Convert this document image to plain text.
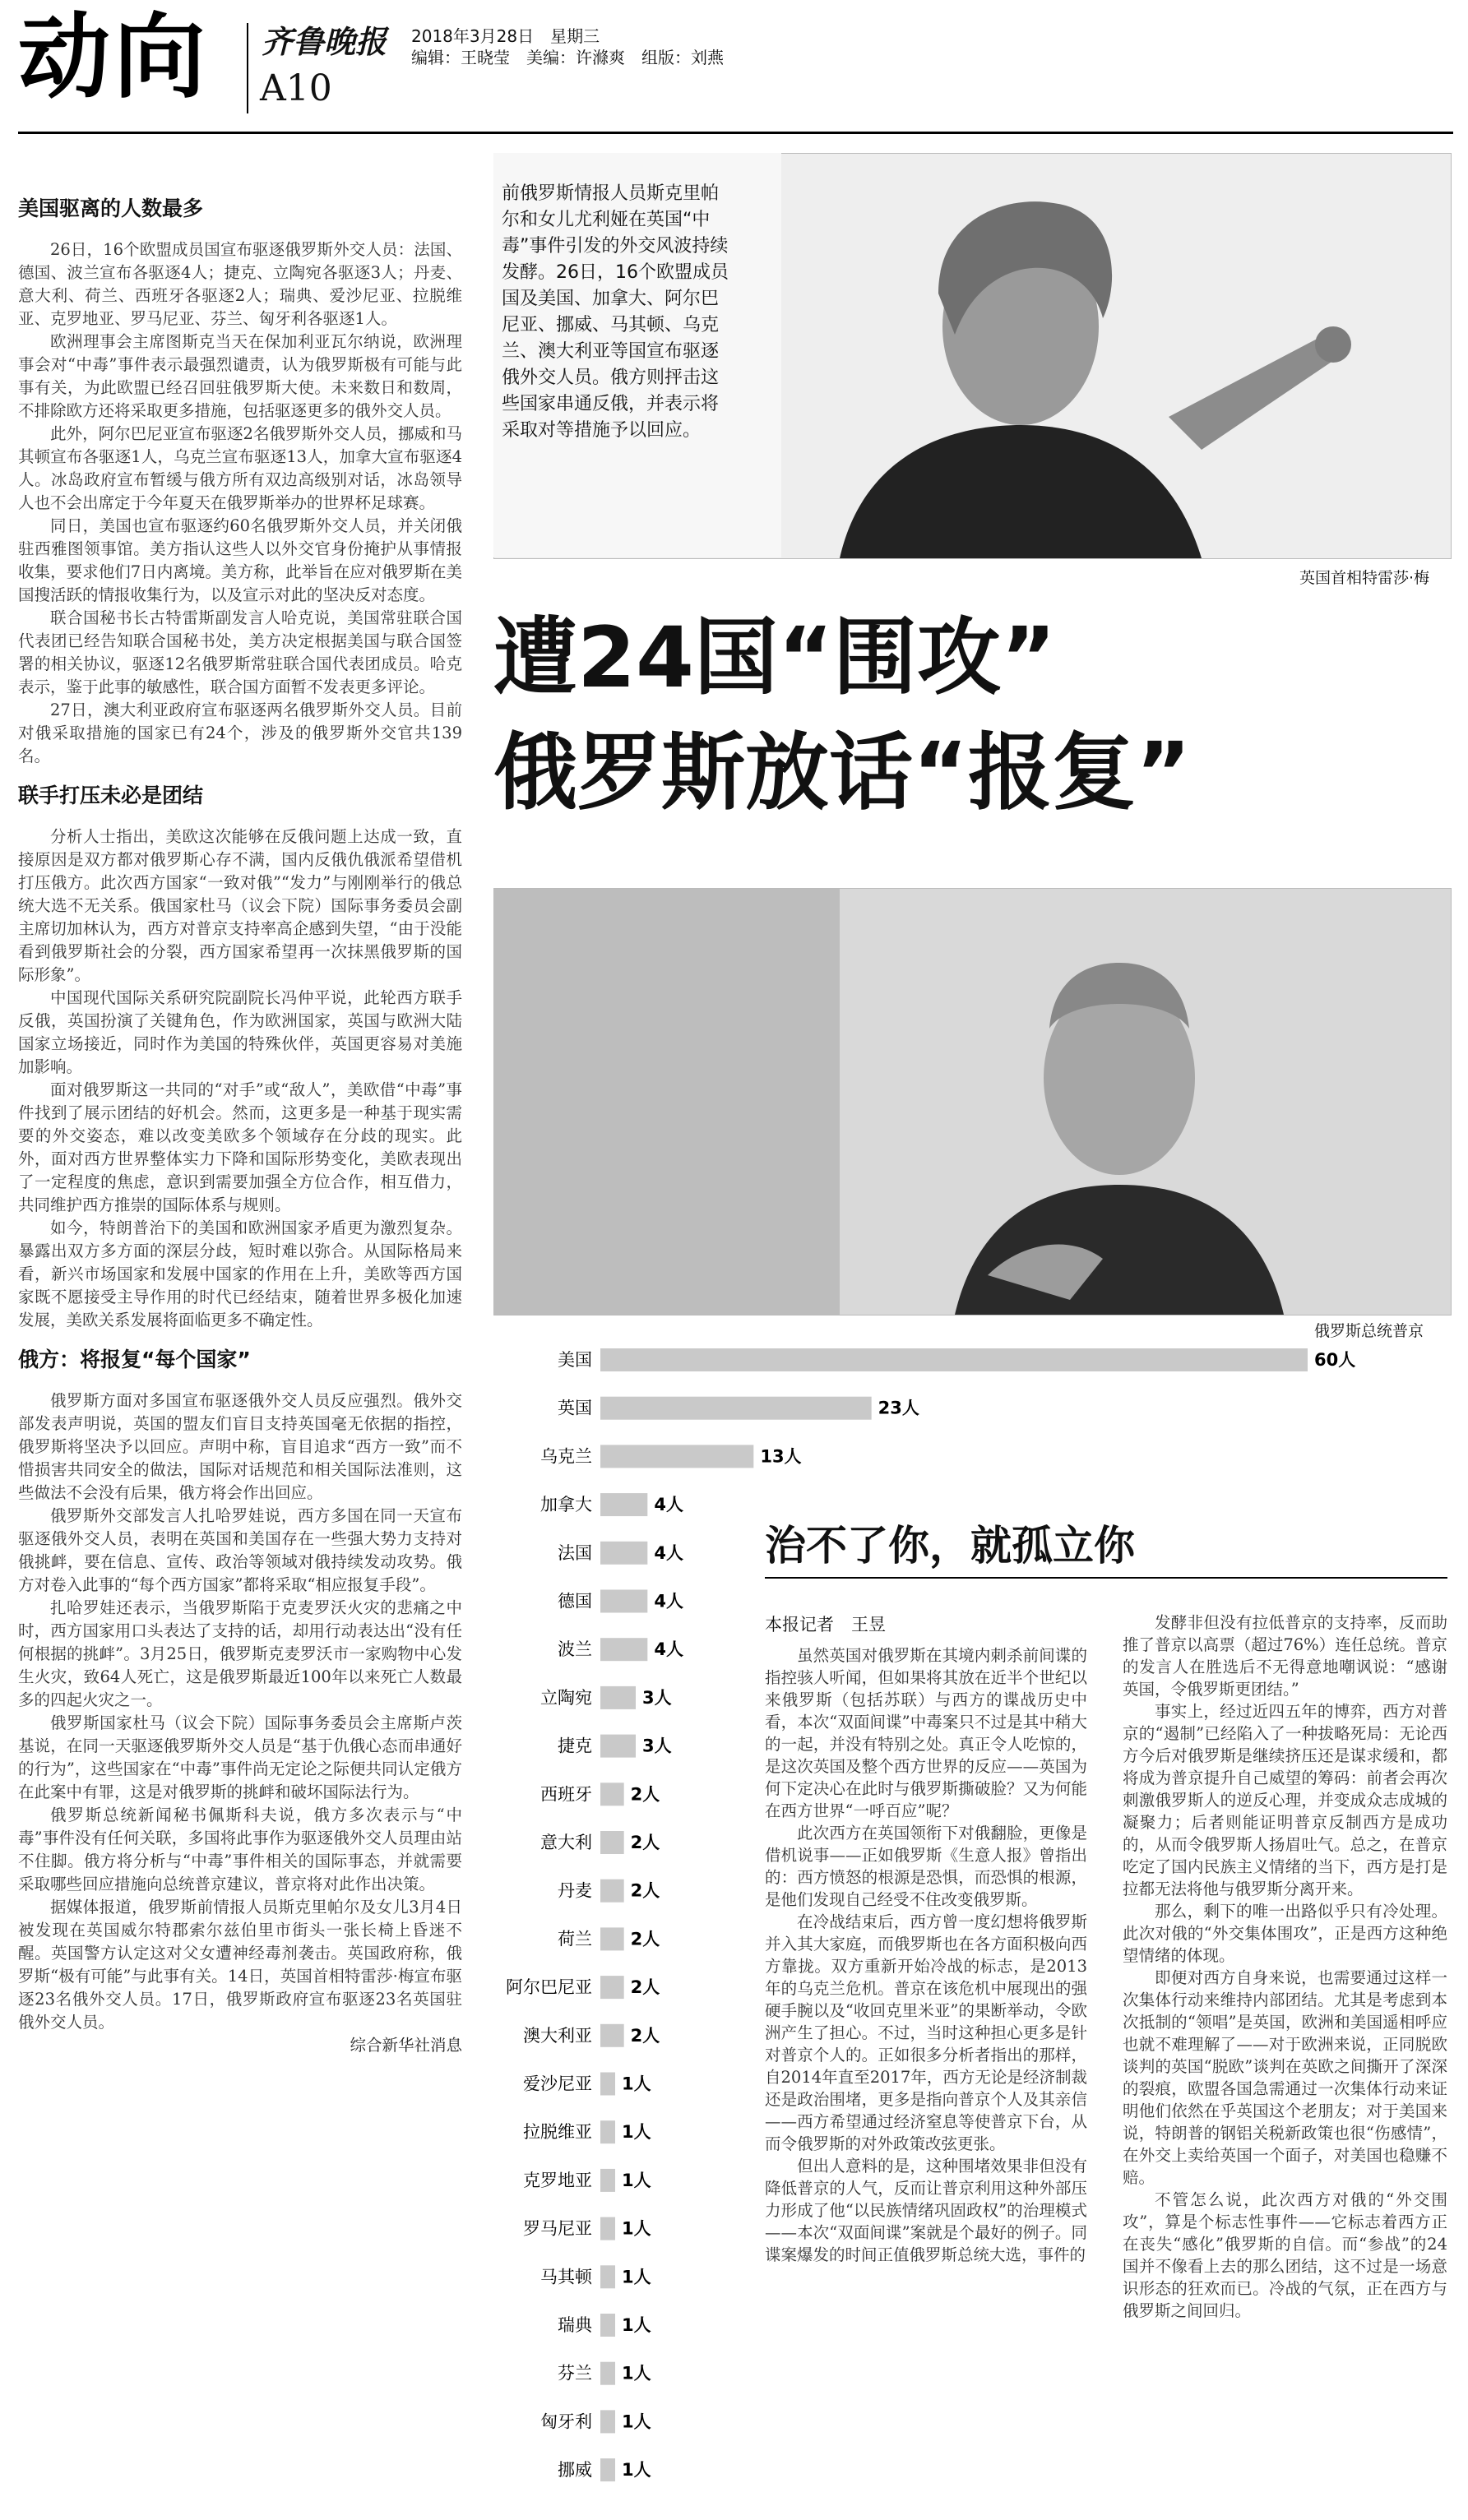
动向 齐鲁晚报
A10
2018年3月28日　星期三
编辑：王晓莹　美编：许滌爽　组版：刘燕
美国驱离的人数最多

26日，16个欧盟成员国宣布驱逐俄罗斯外交人员：法国、德国、波兰宣布各驱逐4人；捷克、立陶宛各驱逐3人；丹麦、意大利、荷兰、西班牙各驱逐2人；瑞典、爱沙尼亚、拉脱维亚、克罗地亚、罗马尼亚、芬兰、匈牙利各驱逐1人。

欧洲理事会主席图斯克当天在保加利亚瓦尔纳说，欧洲理事会对“中毒”事件表示最强烈谴责，认为俄罗斯极有可能与此事有关，为此欧盟已经召回驻俄罗斯大使。未来数日和数周，不排除欧方还将采取更多措施，包括驱逐更多的俄外交人员。

此外，阿尔巴尼亚宣布驱逐2名俄罗斯外交人员，挪威和马其顿宣布各驱逐1人，乌克兰宣布驱逐13人，加拿大宣布驱逐4人。冰岛政府宣布暂缓与俄方所有双边高级别对话，冰岛领导人也不会出席定于今年夏天在俄罗斯举办的世界杯足球赛。

同日，美国也宣布驱逐约60名俄罗斯外交人员，并关闭俄驻西雅图领事馆。美方指认这些人以外交官身份掩护从事情报收集，要求他们7日内离境。美方称，此举旨在应对俄罗斯在美国搜活跃的情报收集行为，以及宣示对此的坚决反对态度。

联合国秘书长古特雷斯副发言人哈克说，美国常驻联合国代表团已经告知联合国秘书处，美方决定根据美国与联合国签署的相关协议，驱逐12名俄罗斯常驻联合国代表团成员。哈克表示，鉴于此事的敏感性，联合国方面暂不发表更多评论。

27日，澳大利亚政府宣布驱逐两名俄罗斯外交人员。目前对俄采取措施的国家已有24个，涉及的俄罗斯外交官共139名。

联手打压未必是团结

分析人士指出，美欧这次能够在反俄问题上达成一致，直接原因是双方都对俄罗斯心存不满，国内反俄仇俄派希望借机打压俄方。此次西方国家“一致对俄”“发力”与刚刚举行的俄总统大选不无关系。俄国家杜马（议会下院）国际事务委员会副主席切加林认为，西方对普京支持率高企感到失望，“由于没能看到俄罗斯社会的分裂，西方国家希望再一次抹黑俄罗斯的国际形象”。

中国现代国际关系研究院副院长冯仲平说，此轮西方联手反俄，英国扮演了关键角色，作为欧洲国家，英国与欧洲大陆国家立场接近，同时作为美国的特殊伙伴，英国更容易对美施加影响。

面对俄罗斯这一共同的“对手”或“敌人”，美欧借“中毒”事件找到了展示团结的好机会。然而，这更多是一种基于现实需要的外交姿态，难以改变美欧多个领域存在分歧的现实。此外，面对西方世界整体实力下降和国际形势变化，美欧表现出了一定程度的焦虑，意识到需要加强全方位合作，相互借力，共同维护西方推崇的国际体系与规则。

如今，特朗普治下的美国和欧洲国家矛盾更为激烈复杂。暴露出双方多方面的深层分歧，短时难以弥合。从国际格局来看，新兴市场国家和发展中国家的作用在上升，美欧等西方国家既不愿接受主导作用的时代已经结束，随着世界多极化加速发展，美欧关系发展将面临更多不确定性。

俄方：将报复“每个国家”

俄罗斯方面对多国宣布驱逐俄外交人员反应强烈。俄外交部发表声明说，英国的盟友们盲目支持英国毫无依据的指控，俄罗斯将坚决予以回应。声明中称，盲目追求“西方一致”而不惜损害共同安全的做法，国际对话规范和相关国际法准则，这些做法不会没有后果，俄方将会作出回应。

俄罗斯外交部发言人扎哈罗娃说，西方多国在同一天宣布驱逐俄外交人员，表明在英国和美国存在一些强大势力支持对俄挑衅，要在信息、宣传、政治等领域对俄持续发动攻势。俄方对卷入此事的“每个西方国家”都将采取“相应报复手段”。

扎哈罗娃还表示，当俄罗斯陷于克麦罗沃火灾的悲痛之中时，西方国家用口头表达了支持的话，却用行动表达出“没有任何根据的挑衅”。3月25日，俄罗斯克麦罗沃市一家购物中心发生火灾，致64人死亡，这是俄罗斯最近100年以来死亡人数最多的四起火灾之一。

俄罗斯国家杜马（议会下院）国际事务委员会主席斯卢茨基说，在同一天驱逐俄罗斯外交人员是“基于仇俄心态而串通好的行为”，这些国家在“中毒”事件尚无定论之际便共同认定俄方在此案中有罪，这是对俄罗斯的挑衅和破坏国际法行为。

俄罗斯总统新闻秘书佩斯科夫说，俄方多次表示与“中毒”事件没有任何关联，多国将此事作为驱逐俄外交人员理由站不住脚。俄方将分析与“中毒”事件相关的国际事态，并就需要采取哪些回应措施向总统普京建议，普京将对此作出决策。

据媒体报道，俄罗斯前情报人员斯克里帕尔及女儿3月4日被发现在英国威尔特郡索尔兹伯里市街头一张长椅上昏迷不醒。英国警方认定这对父女遭神经毒剂袭击。英国政府称，俄罗斯“极有可能”与此事有关。14日，英国首相特雷莎·梅宣布驱逐23名俄外交人员。17日，俄罗斯政府宣布驱逐23名英国驻俄外交人员。

综合新华社消息
前俄罗斯情报人员斯克里帕尔和女儿尤利娅在英国“中毒”事件引发的外交风波持续发酵。26日，16个欧盟成员国及美国、加拿大、阿尔巴尼亚、挪威、马其顿、乌克兰、澳大利亚等国宣布驱逐俄外交人员。俄方则抨击这些国家串通反俄，并表示将采取对等措施予以回应。
英国首相特雷莎·梅
遭24国“围攻”
俄罗斯放话“报复”
俄罗斯总统普京
美国	60人
英国	23人
乌克兰	13人
加拿大	4人
法国	4人
德国	4人
波兰	4人
立陶宛	3人
捷克	3人
西班牙 2人
意大利 2人
丹麦 2人
荷兰 2人
阿尔巴尼亚 2人
澳大利亚 2人
爱沙尼亚 1人
拉脱维亚 1人
克罗地亚 1人
罗马尼亚 1人
马其顿 1人
瑞典 1人
芬兰 1人
匈牙利 1人
挪威 1人
治不了你，就孤立你
本报记者　王昱

虽然英国对俄罗斯在其境内刺杀前间谍的指控骇人听闻，但如果将其放在近半个世纪以来俄罗斯（包括苏联）与西方的谍战历史中看，本次“双面间谍”中毒案只不过是其中稍大的一起，并没有特别之处。真正令人吃惊的，是这次英国及整个西方世界的反应——英国为何下定决心在此时与俄罗斯撕破脸？又为何能在西方世界“一呼百应”呢？

此次西方在英国领衔下对俄翻脸，更像是借机说事——正如俄罗斯《生意人报》曾指出的：西方愤怒的根源是恐惧，而恐惧的根源，是他们发现自己经受不住改变俄罗斯。

在冷战结束后，西方曾一度幻想将俄罗斯并入其大家庭，而俄罗斯也在各方面积极向西方靠拢。双方重新开始冷战的标志，是2013年的乌克兰危机。普京在该危机中展现出的强硬手腕以及“收回克里米亚”的果断举动，令欧洲产生了担心。不过，当时这种担心更多是针对普京个人的。正如很多分析者指出的那样，自2014年直至2017年，西方无论是经济制裁还是政治围堵，更多是指向普京个人及其亲信——西方希望通过经济窒息等使普京下台，从而令俄罗斯的对外政策改弦更张。

但出人意料的是，这种围堵效果非但没有降低普京的人气，反而让普京利用这种外部压力形成了他“以民族情绪巩固政权”的治理模式——本次“双面间谍”案就是个最好的例子。同谍案爆发的时间正值俄罗斯总统大选，事件的

发酵非但没有拉低普京的支持率，反而助推了普京以高票（超过76%）连任总统。普京的发言人在胜选后不无得意地嘲讽说：“感谢英国，令俄罗斯更团结。”

事实上，经过近四五年的博弈，西方对普京的“遏制”已经陷入了一种拔略死局：无论西方今后对俄罗斯是继续挤压还是谋求缓和，都将成为普京提升自己威望的筹码：前者会再次刺激俄罗斯人的逆反心理，并变成众志成城的凝聚力；后者则能证明普京反制西方是成功的，从而令俄罗斯人扬眉吐气。总之，在普京吃定了国内民族主义情绪的当下，西方是打是拉都无法将他与俄罗斯分离开来。

那么，剩下的唯一出路似乎只有冷处理。此次对俄的“外交集体围攻”，正是西方这种绝望情绪的体现。

即便对西方自身来说，也需要通过这样一次集体行动来维持内部团结。尤其是考虑到本次抵制的“领唱”是英国，欧洲和美国遥相呼应也就不难理解了——对于欧洲来说，正同脱欧谈判的英国“脱欧”谈判在英欧之间撕开了深深的裂痕，欧盟各国急需通过一次集体行动来证明他们依然在乎英国这个老朋友；对于美国来说，特朗普的钢铝关税新政策也很“伤感情”，在外交上卖给英国一个面子，对美国也稳赚不赔。

不管怎么说，此次西方对俄的“外交围攻”，算是个标志性事件——它标志着西方正在丧失“感化”俄罗斯的自信。而“参战”的24国并不像看上去的那么团结，这不过是一场意识形态的狂欢而已。冷战的气氛，正在西方与俄罗斯之间回归。
